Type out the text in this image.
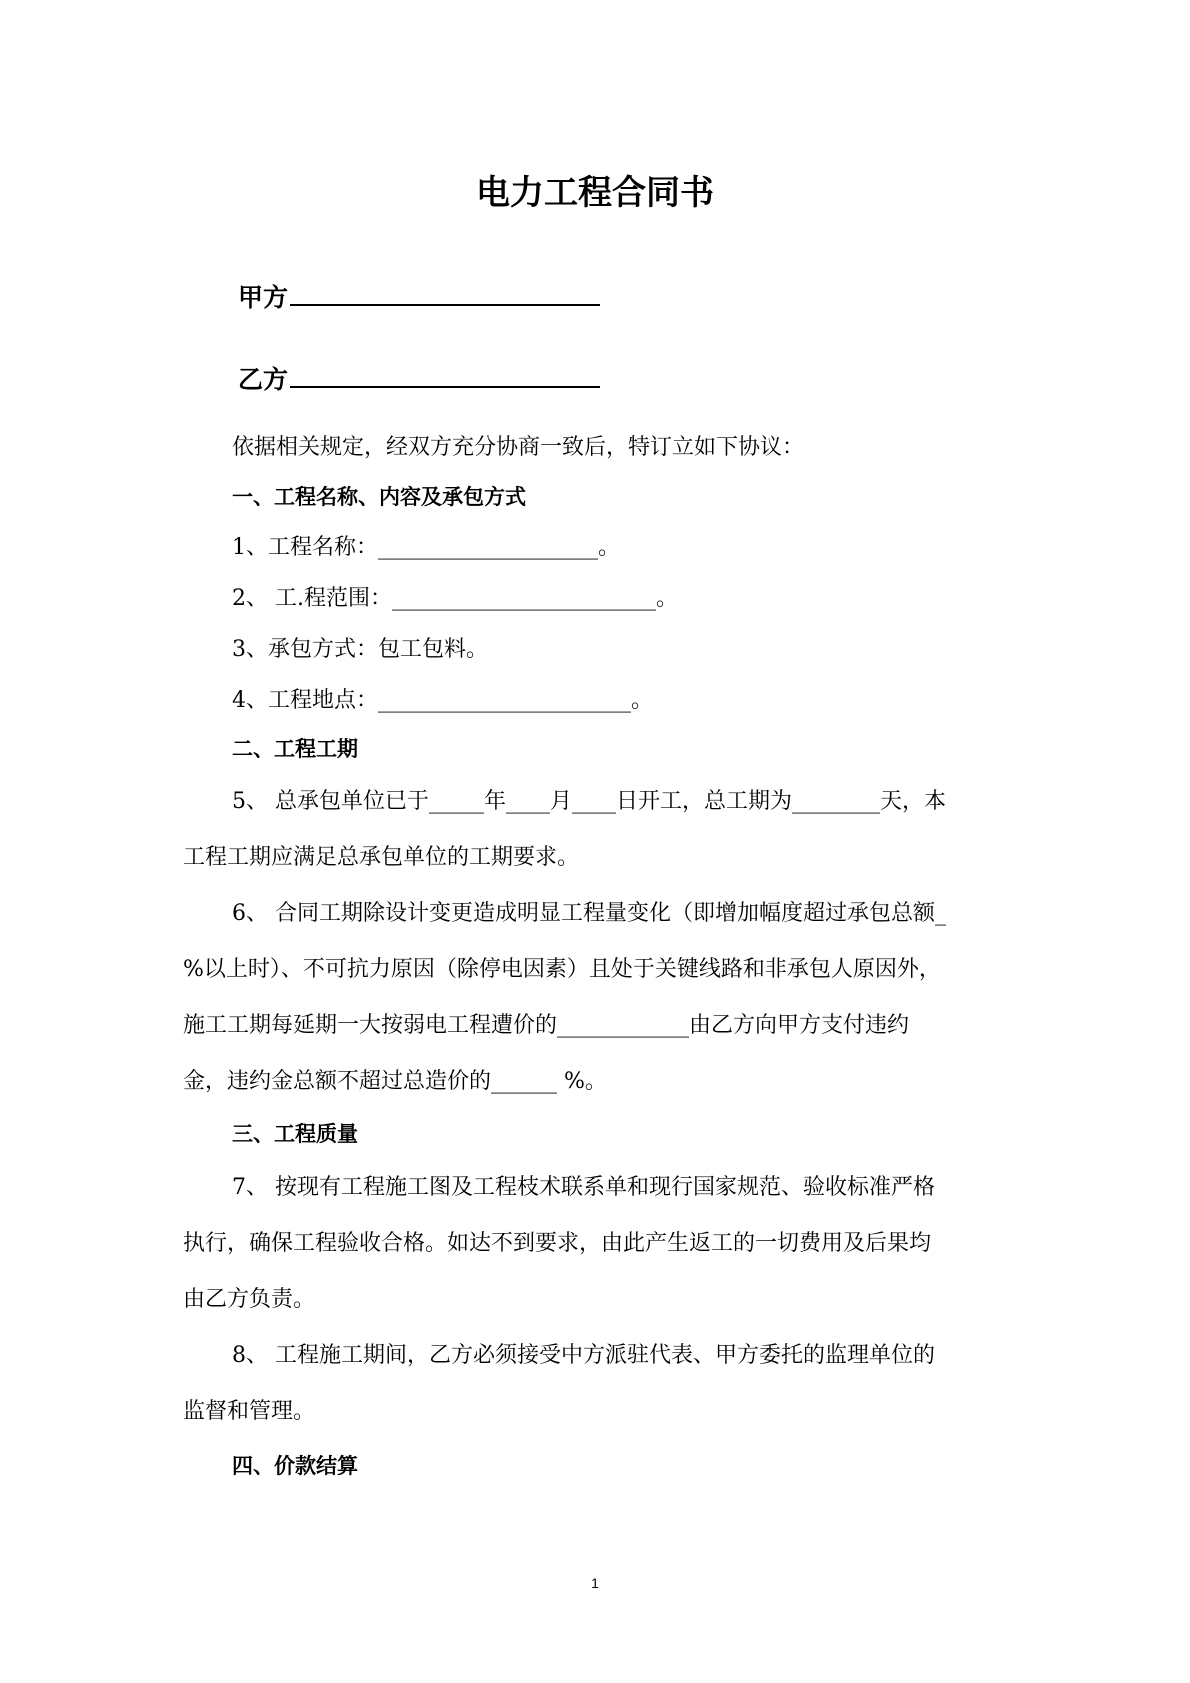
电力工程合同书
甲方
乙方
依据相关规定，经双方充分协商一致后，特订立如下协议：
一、工程名称、内容及承包方式
1、工程名称：____________________。
2、 工.程范围：________________________。
3、承包方式：包工包料。
4、工程地点：_______________________。
二、工程工期
5、 总承包单位已于_____年____月____日开工，总工期为________天，本
工程工期应满足总承包单位的工期要求。
6、 合同工期除设计变更造成明显工程量变化（即增加幅度超过承包总额_
%以上时）、不可抗力原因（除停电因素）且处于关键线路和非承包人原因外，
施工工期每延期一大按弱电工程遭价的____________由乙方向甲方支付违约
金，违约金总额不超过总造价的______ %。
三、工程质量
7、 按现有工程施工图及工程枝术联系单和现行国家规范、验收标准严格
执行，确保工程验收合格。如达不到要求，由此产生返工的一切费用及后果均
由乙方负责。
8、 工程施工期间，乙方必须接受中方派驻代表、甲方委托的监理单位的
监督和管理。
四、价款结算
1
